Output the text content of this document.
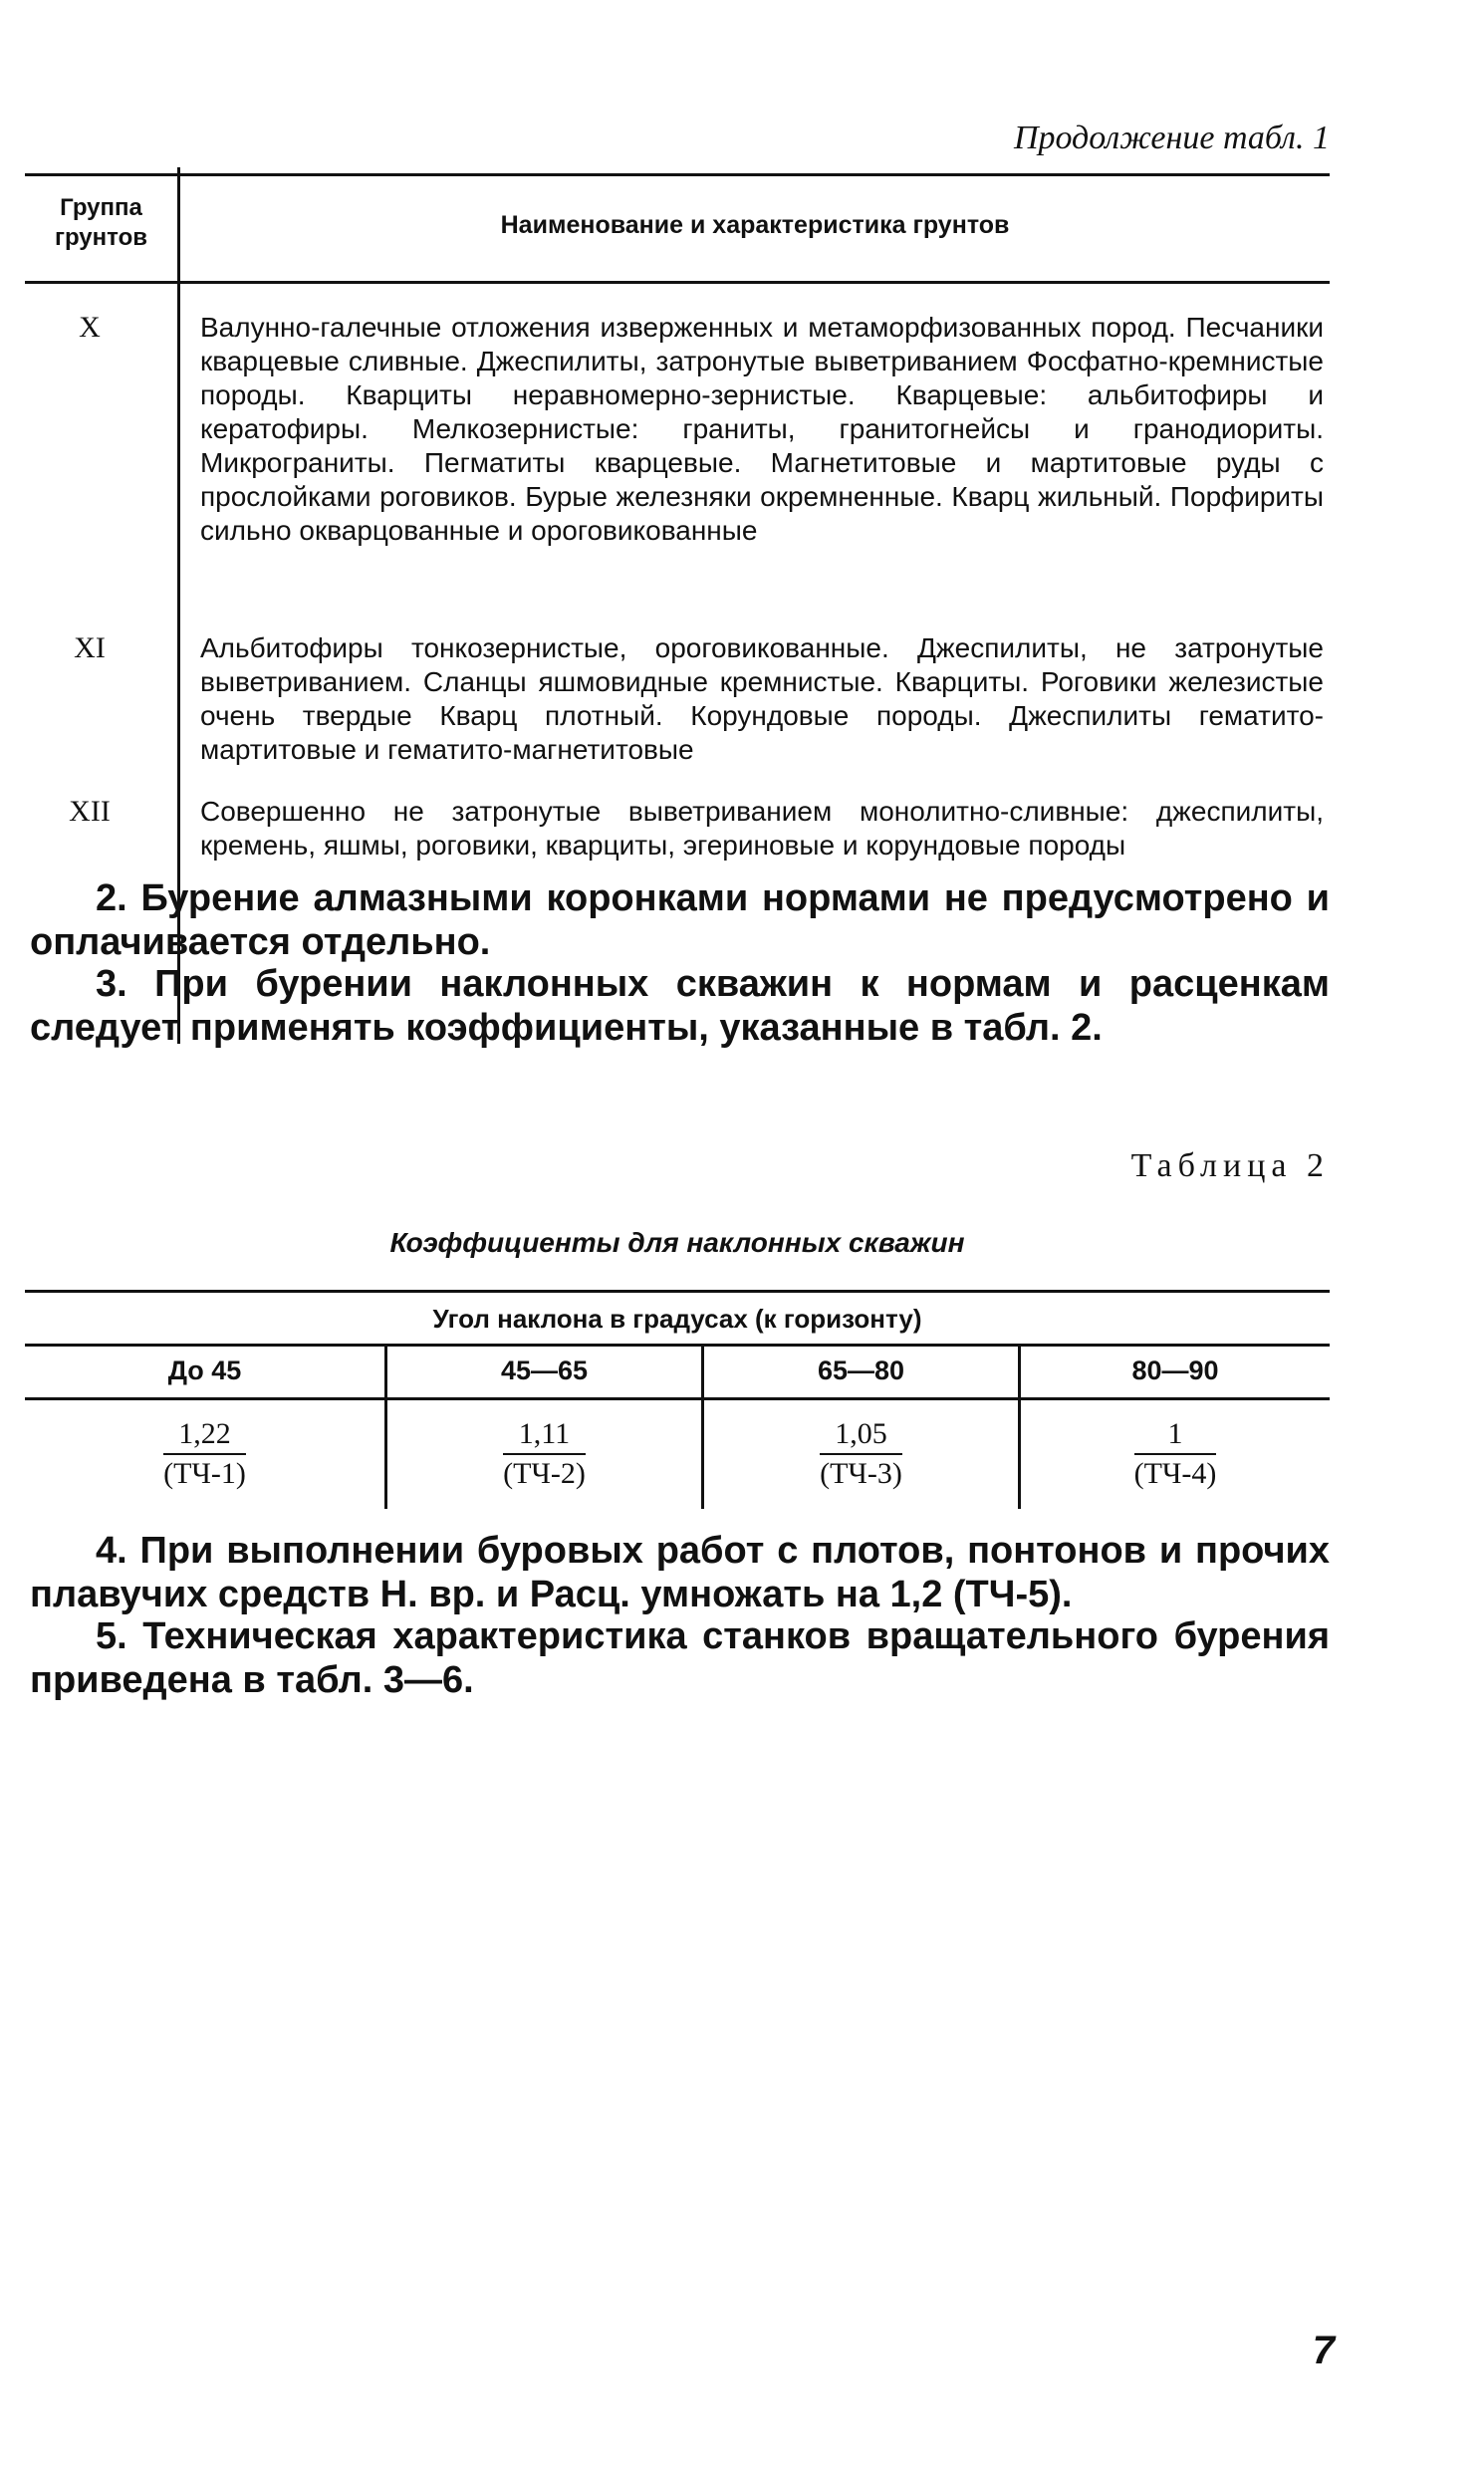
Продолжение табл. 1
Группа грунтов	Наименование и характеристика грунтов
X	Валунно-галечные отложения изверженных и метаморфизованных пород. Песчаники кварцевые сливные. Джеспилиты, затронутые выветриванием Фосфатно-кремнистые породы. Кварциты неравномерно-зернистые. Кварцевые: альбитофиры и кератофиры. Мелкозернистые: граниты, гранитогнейсы и гранодиориты. Микрограниты. Пегматиты кварцевые. Магнетитовые и мартитовые руды с прослойками роговиков. Бурые железняки окремненные. Кварц жильный. Порфириты сильно окварцованные и ороговикованные
XI	Альбитофиры тонкозернистые, ороговикованные. Джеспилиты, не затронутые выветриванием. Сланцы яшмовидные кремнистые. Кварциты. Роговики железистые очень твердые Кварц плотный. Корундовые породы. Джеспилиты гематито-мартитовые и гематито-магнетитовые
XII	Совершенно не затронутые выветриванием монолитно-сливные: джеспилиты, кремень, яшмы, роговики, кварциты, эгериновые и корундовые породы
2. Бурение алмазными коронками нормами не предусмотрено и оплачивается отдельно.
3. При бурении наклонных скважин к нормам и расценкам следует применять коэффициенты, указанные в табл. 2.
Таблица 2
Коэффициенты для наклонных скважин
Угол наклона в градусах (к горизонту)
До 45	45—65	65—80	80—90
$\frac{1,22}{(ТЧ-1)}$	$\frac{1,11}{(ТЧ-2)}$	$\frac{1,05}{(ТЧ-3)}$	$\frac{1}{(ТЧ-4)}$
4. При выполнении буровых работ с плотов, понтонов и прочих плавучих средств Н. вр. и Расц. умножать на 1,2 (ТЧ-5).
5. Техническая характеристика станков вращательного бурения приведена в табл. 3—6.
7
